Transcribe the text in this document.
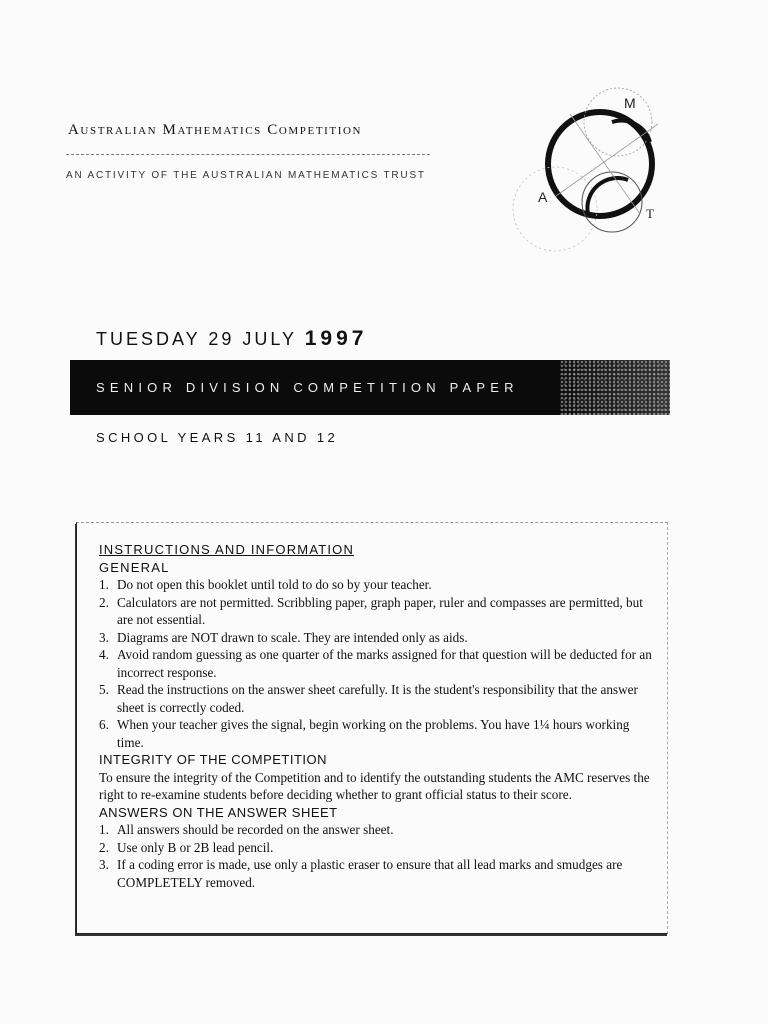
Australian Mathematics Competition
AN ACTIVITY OF THE AUSTRALIAN MATHEMATICS TRUST
M
A
T
TUESDAY 29 JULY 1997
SENIOR DIVISION COMPETITION PAPER
SCHOOL YEARS 11 AND 12
INSTRUCTIONS AND INFORMATION
GENERAL
1. Do not open this booklet until told to do so by your teacher.
2. Calculators are not permitted. Scribbling paper, graph paper, ruler and compasses are permitted, but are not essential.
3. Diagrams are NOT drawn to scale. They are intended only as aids.
4. Avoid random guessing as one quarter of the marks assigned for that question will be deducted for an incorrect response.
5. Read the instructions on the answer sheet carefully. It is the student's responsibility that the answer sheet is correctly coded.
6. When your teacher gives the signal, begin working on the problems. You have 1¼ hours working time.
INTEGRITY OF THE COMPETITION
To ensure the integrity of the Competition and to identify the outstanding students the AMC reserves the right to re-examine students before deciding whether to grant official status to their score.
ANSWERS ON THE ANSWER SHEET
1. All answers should be recorded on the answer sheet.
2. Use only B or 2B lead pencil.
3. If a coding error is made, use only a plastic eraser to ensure that all lead marks and smudges are COMPLETELY removed.
